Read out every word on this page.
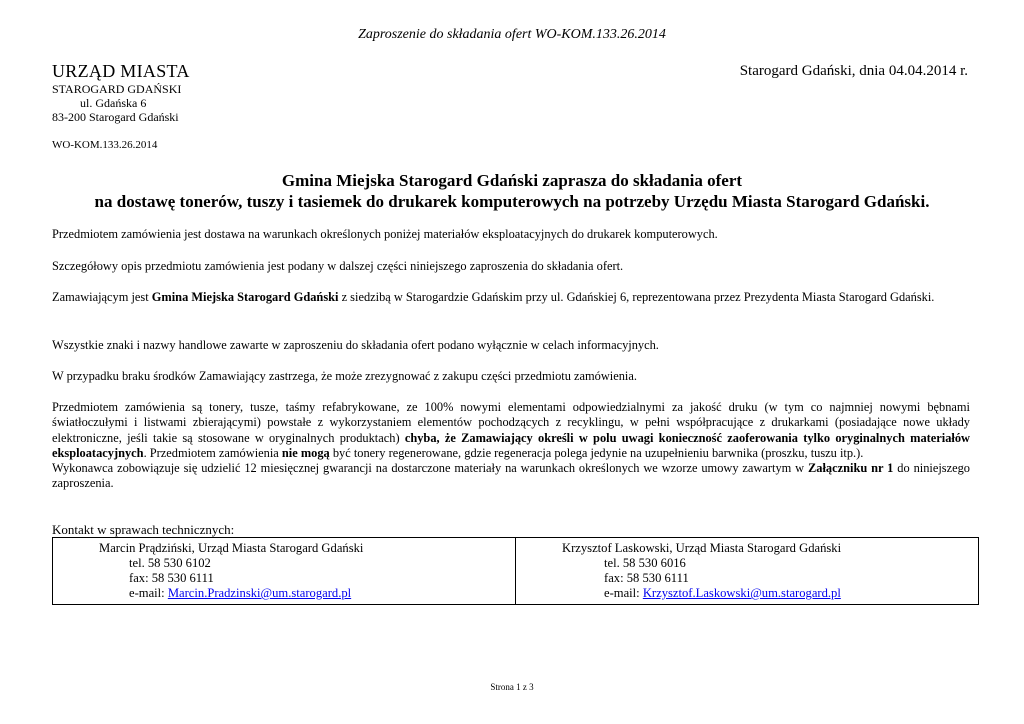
Zaproszenie do składania ofert WO-KOM.133.26.2014
URZĄD MIASTA	Starogard Gdański, dnia 04.04.2014 r.
STAROGARD GDAŃSKI
ul. Gdańska 6
83-200 Starogard Gdański
WO-KOM.133.26.2014
Gmina Miejska Starogard Gdański zaprasza do składania ofert
na dostawę tonerów, tuszy i tasiemek do drukarek komputerowych na potrzeby Urzędu Miasta Starogard Gdański.
Przedmiotem zamówienia jest dostawa na warunkach określonych poniżej materiałów eksploatacyjnych do drukarek komputerowych.
Szczegółowy opis przedmiotu zamówienia jest podany w dalszej części niniejszego zaproszenia do składania ofert.
Zamawiającym jest Gmina Miejska Starogard Gdański z siedzibą w Starogardzie Gdańskim przy ul. Gdańskiej 6, reprezentowana przez Prezydenta Miasta Starogard Gdański.
Wszystkie znaki i nazwy handlowe zawarte w zaproszeniu do składania ofert podano wyłącznie w celach informacyjnych.
W przypadku braku środków Zamawiający zastrzega, że może zrezygnować z zakupu części przedmiotu zamówienia.
Przedmiotem zamówienia są tonery, tusze, taśmy refabrykowane, ze 100% nowymi elementami odpowiedzialnymi za jakość druku (w tym co najmniej nowymi bębnami światłoczułymi i listwami zbierającymi) powstałe z wykorzystaniem elementów pochodzących z recyklingu, w pełni współpracujące z drukarkami (posiadające nowe układy elektroniczne, jeśli takie są stosowane w oryginalnych produktach) chyba, że Zamawiający określi w polu uwagi konieczność zaoferowania tylko oryginalnych materiałów eksploatacyjnych. Przedmiotem zamówienia nie mogą być tonery regenerowane, gdzie regeneracja polega jedynie na uzupełnieniu barwnika (proszku, tuszu itp.).
Wykonawca zobowiązuje się udzielić 12 miesięcznej gwarancji na dostarczone materiały na warunkach określonych we wzorze umowy zawartym w Załączniku nr 1 do niniejszego zaproszenia.
Kontakt w sprawach technicznych:
Marcin Prądziński, Urząd Miasta Starogard Gdański
tel. 58 530 6102
fax: 58 530 6111
e-mail: Marcin.Pradzinski@um.starogard.pl

Krzysztof Laskowski, Urząd Miasta Starogard Gdański
tel. 58 530 6016
fax: 58 530 6111
e-mail: Krzysztof.Laskowski@um.starogard.pl
Strona 1 z 3
